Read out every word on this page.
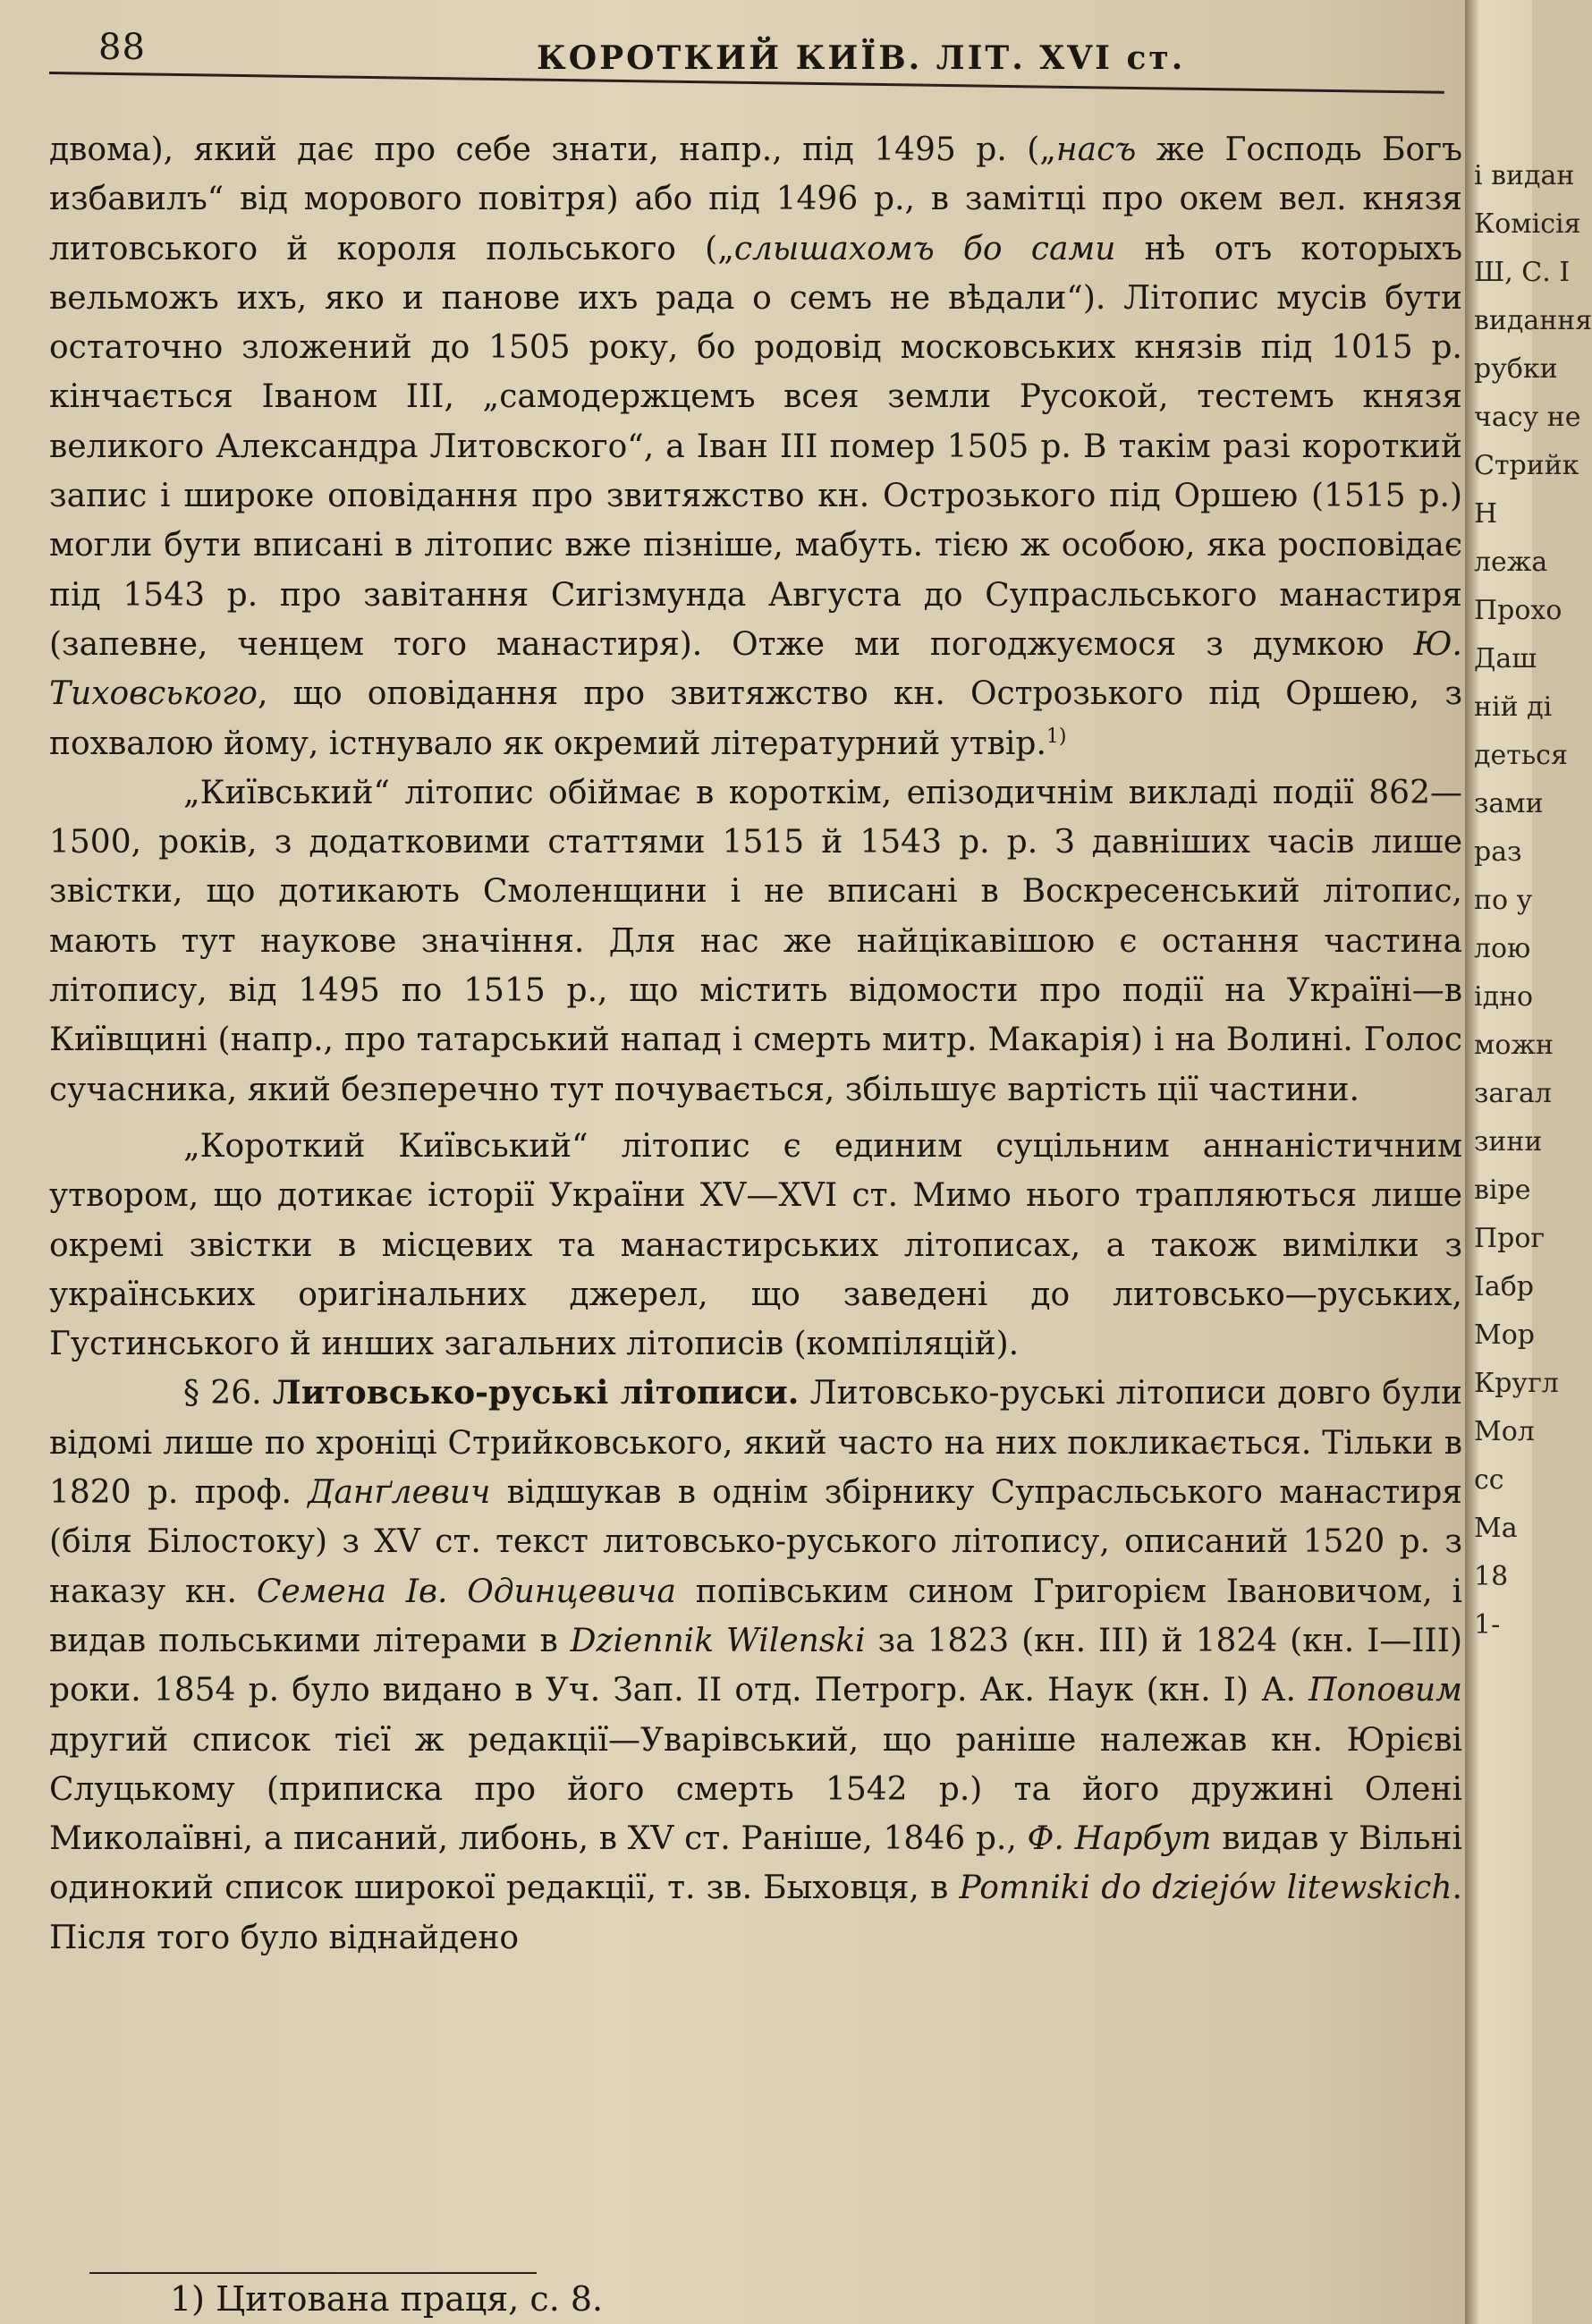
і видан
Комісія
Ш, С. I
видання
рубки
часу не
Стрийк
Н
лежа
Прохо
Даш
ній ді
деться
зами
раз
по у
лою
ідно
можн
загал
зини
віре
Прог
Іабр
Мор
Кругл
Мол
сс
Ма
18
1-
88	КОРОТКИЙ КИЇВ. ЛІТ. XVI ст.

двома), який дає про себе знати, напр., під 1495 р. („насъ же Господь Богъ избавилъ“ від морового повітря) або під 1496 р., в замітці про окем вел. князя литовського й короля польського („слышахомъ бо сами нѣ отъ которыхъ вельможъ ихъ, яко и панове ихъ рада о семъ не вѣдали“). Літопис мусів бути остаточно зложений до 1505 року, бо родовід московських князів під 1015 р. кінчається Іваном III, „самодержцемъ всея земли Русокой, тестемъ князя великого Александра Литовского“, а Іван III помер 1505 р. В такім разі короткий запис і широке оповідання про звитяжство кн. Острозького під Оршею (1515 р.) могли бути вписані в літопис вже пізніше, мабуть. тією ж особою, яка росповідає під 1543 р. про завітання Сигізмунда Августа до Супрасльського манастиря (запевне, ченцем того манастиря). Отже ми погоджуємося з думкою Ю. Тиховського, що оповідання про звитяжство кн. Острозького під Оршею, з похвалою йому, істнувало як окремий літературний утвір.$^{1)}$

„Київський“ літопис обіймає в короткім, епізодичнім викладі події 862—1500, років, з додатковими статтями 1515 й 1543 р. р. З давніших часів лише звістки, що дотикають Смоленщини і не вписані в Воскресенський літопис, мають тут наукове значіння. Для нас же найцікавішою є остання частина літопису, від 1495 по 1515 р., що містить відомости про події на Україні—в Київщині (напр., про татарський напад і смерть митр. Макарія) і на Волині. Голос сучасника, який безперечно тут почувається, збільшує вартість ції частини.

„Короткий Київський“ літопис є единим суцільним аннаністичним утвором, що дотикає історії України XV—XVI ст. Мимо нього трапляються лише окремі звістки в місцевих та манастирських літописах, а також вимілки з українських оригінальних джерел, що заведені до литовсько—руських, Густинського й инших загальних літописів (компіляцій).

§ 26. Литовсько-руські літописи. Литовсько-руські літописи довго були відомі лише по хроніці Стрийковського, який часто на них покликається. Тільки в 1820 р. проф. Данґлевич відшукав в однім збірнику Супрасльського манастиря (біля Білостоку) з XV ст. текст литовсько-руського літопису, описаний 1520 р. з наказу кн. Семена Ів. Одинцевича попівським сином Григорієм Івановичом, і видав польськими літерами в Dziennik Wilenski за 1823 (кн. III) й 1824 (кн. I—III) роки. 1854 р. було видано в Уч. Зап. II отд. Петрогр. Ак. Наук (кн. I) А. Поповим другий список тієї ж редакції—Уварівський, що раніше належав кн. Юрієві Слуцькому (приписка про його смерть 1542 р.) та його дружині Олені Миколаївні, а писаний, либонь, в XV ст. Раніше, 1846 р., Ф. Нарбут видав у Вільні одинокий список широкої редакції, т. зв. Быховця, в Pomniki do dziejów litewskich. Після того було віднайдено

1) Цитована праця, с. 8.
